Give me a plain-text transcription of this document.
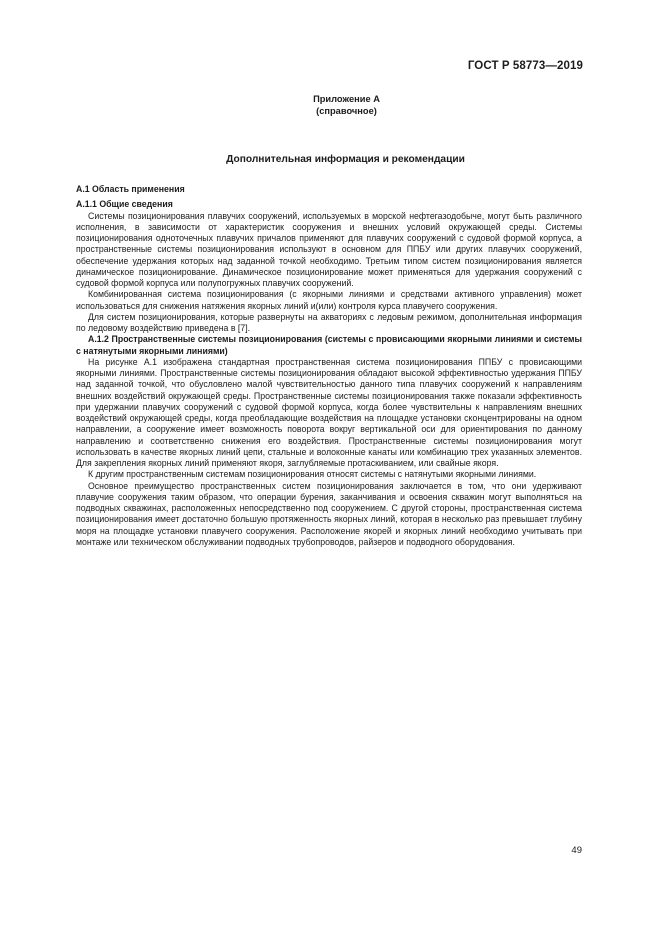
ГОСТ Р 58773—2019
Приложение А
(справочное)
Дополнительная информация и рекомендации
А.1 Область применения
А.1.1 Общие сведения

Системы позиционирования плавучих сооружений, используемых в морской нефтегазодобыче, могут быть различного исполнения, в зависимости от характеристик сооружения и внешних условий окружающей среды. Системы позиционирования одноточечных плавучих причалов применяют для плавучих сооружений с судовой формой корпуса, а пространственные системы позиционирования используют в основном для ППБУ или других плавучих сооружений, обеспечение удержания которых над заданной точкой необходимо. Третьим типом систем позиционирования является динамическое позиционирование. Динамическое позиционирование может применяться для удержания сооружений с судовой формой корпуса или полупогружных плавучих сооружений.

Комбинированная система позиционирования (с якорными линиями и средствами активного управления) может использоваться для снижения натяжения якорных линий и(или) контроля курса плавучего сооружения.

Для систем позиционирования, которые развернуты на акваториях с ледовым режимом, дополнительная информация по ледовому воздействию приведена в [7].

А.1.2 Пространственные системы позиционирования (системы с провисающими якорными линиями и системы с натянутыми якорными линиями)

На рисунке А.1 изображена стандартная пространственная система позиционирования ППБУ с провисающими якорными линиями. Пространственные системы позиционирования обладают высокой эффективностью удержания ППБУ над заданной точкой, что обусловлено малой чувствительностью данного типа плавучих сооружений к направлениям внешних воздействий окружающей среды. Пространственные системы позиционирования также показали эффективность при удержании плавучих сооружений с судовой формой корпуса, когда более чувствительны к направлениям внешних воздействий окружающей среды, когда преобладающие воздействия на площадке установки сконцентрированы на одном направлении, а сооружение имеет возможность поворота вокруг вертикальной оси для ориентирования по данному направлению и соответственно снижения его воздействия. Пространственные системы позиционирования могут использовать в качестве якорных линий цепи, стальные и волоконные канаты или комбинацию трех указанных элементов. Для закрепления якорных линий применяют якоря, заглубляемые протаскиванием, или свайные якоря.

К другим пространственным системам позиционирования относят системы с натянутыми якорными линиями.

Основное преимущество пространственных систем позиционирования заключается в том, что они удерживают плавучие сооружения таким образом, что операции бурения, заканчивания и освоения скважин могут выполняться на подводных скважинах, расположенных непосредственно под сооружением. С другой стороны, пространственная система позиционирования имеет достаточно большую протяженность якорных линий, которая в несколько раз превышает глубину моря на площадке установки плавучего сооружения. Расположение якорей и якорных линий необходимо учитывать при монтаже или техническом обслуживании подводных трубопроводов, райзеров и подводного оборудования.

49
